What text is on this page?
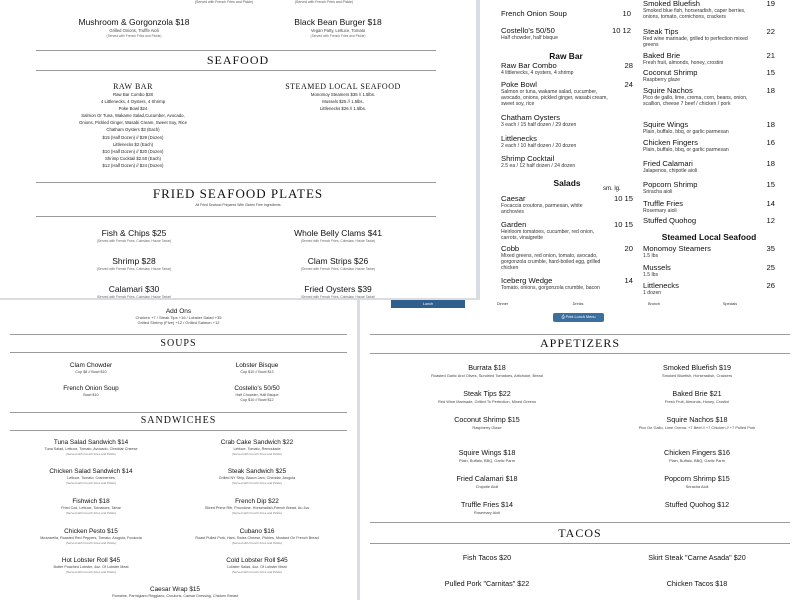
(Served with French Fries and Pickle)	(Served with French Fries and Pickle)
Mushroom & Gorgonzola $18
Grilled Onions, Truffle Aioli
(Served with French Fries and Pickle)
Black Bean Burger $18
Vegan Patty, Lettuce, Tomato
(Served with French Fries and Pickle)
SEAFOOD
RAW BAR
Raw Bar Combo $28
4 Littlenecks, 4 Oysters, 4 Shrimp
Poke Bowl $24
Salmon Or Tuna, Wakame Salad,Cucumber, Avocado,
Onions, Pickled Ginger, Wasabi Cream, Sweet Soy, Rice
Chatham Oysters $3 (Each)
$15 (Half Dozen) // $29 (Dozen)
Littlenecks $2 (Each)
$10 (Half Dozen) // $20 (Dozen)
Shrimp Cocktail $2.50 (Each)
$12 (Half Dozen) // $24 (Dozen)
STEAMED LOCAL SEAFOOD
Monomoy Steamers $35 // 1.5lbs.
Mussels $25 // 1.5lbs.
Littlenecks $26 // 1.5lbs.
FRIED SEAFOOD PLATES
All Fried Seafood Prepared With Gluten Free Ingredients
Fish & Chips $25
(Served with French Fries, Coleslaw, House Tartar)
Whole Belly Clams $41
(Served with French Fries, Coleslaw, House Tartar)
Shrimp $28
(Served with French Fries, Coleslaw, House Tartar)
Clam Strips $26
(Served with French Fries, Coleslaw, House Tartar)
Calamari $30
(Served with French Fries, Coleslaw, House Tartar)
Fried Oysters $39
(Served with French Fries, Coleslaw, House Tartar)
French Onion Soup	10
Costello's 50/50	10 12
Half chowder, half bisque
Raw Bar
Raw Bar Combo	28
4 littlenecks, 4 oysters, 4 shrimp
Poke Bowl	24
Salmon or tuna, wakame salad, cucumber, avocado, onions, pickled ginger, wasabi cream, sweet soy, rice
Chatham Oysters
3 each / 15 half dozen / 29 dozen
Littlenecks
2 each / 10 half dozen / 20 dozen
Shrimp Cocktail
2.5 ea / 12 half dozen / 24 dozen
Salads
sm. lg.
Caesar	10 15
Focaccia croutons, parmesan, white anchovies
Garden	10 15
Heirloom tomatoes, cucumber, red onion, carrots, vinaigrette
Cobb	20
Mixed greens, red onion, tomato, avocado, gorgonzola crumble, hard-boiled egg, grilled chicken
Iceberg Wedge	14
Tomato, onions, gorgonzola crumble, bacon
Smoked Bluefish	19
Smoked blue fish, horseradish, caper berries, onions, tomato, cornichons, crackers
Steak Tips	22
Red wine marinade, grilled to perfection mixed greens
Baked Brie	21
Fresh fruit, almonds, honey, crostini
Coconut Shrimp	15
Raspberry glaze
Squire Nachos	18
Pico de gallo, lime, crema, corn, beans, onion, scallion, cheese 7 beef / chicken / pork
Squire Wings	18
Plain, buffalo, bbq, or garlic parmesan
Chicken Fingers	16
Plain, buffalo, bbq, or garlic parmesan
Fried Calamari	18
Jalapenos, chipotle aioli
Popcorn Shrimp	15
Sriracha aioli
Truffle Fries	14
Rosemary aioli
Stuffed Quohog	12
Steamed Local Seafood
Monomoy Steamers	35
1.5 lbs
Mussels	25
1.5 lbs
Littlenecks	26
1 dozen
Add Ons
Chicken +7 / Steak Tips +16 / Lobster Salad +35
Grilled Shrimp (Five) +12 / Grilled Salmon +12
SOUPS
Clam Chowder
Cup $8 // Bowl $10
Lobster Bisque
Cup $10 // Bowl $13
French Onion Soup
Bowl $10
Costello's 50/50
Half Chowder, Half Bisque
Cup $10 // Bowl $12
SANDWICHES
Tuna Salad Sandwich $14
Tuna Salad, Lettuce, Tomato, Avocado, Cheddar Cheese
(Served with French Fries and Pickle)
Crab Cake Sandwich $22
Lettuce, Tomato, Remoulade
(Served with French Fries and Pickle)
Chicken Salad Sandwich $14
Lettuce, Tomato, Cranberries
(Served with French Fries and Pickle)
Steak Sandwich $25
Grilled NY Strip, Bacon Jam, Cheddar, Arugula
(Served with French Fries and Pickle)
Fishwich $18
Fried Cod, Lettuce, Tomatoes, Tartar
(Served with French Fries and Pickle)
French Dip $22
Sliced Prime Rib, Provolone, Horseradish,French Bread, Au Jus
(Served with French Fries and Pickle)
Chicken Pesto $15
Mozzarella, Roasted Red Peppers, Tomato, Arugula, Focaccia
(Served with French Fries and Pickle)
Cubano $16
Roast Pulled Pork, Ham, Swiss Cheese, Pickles, Mustard On French Bread
(Served with French Fries and Pickle)
Hot Lobster Roll $45
Butter Poached Lobster, 4oz. Of Lobster Meat
(Served with French Fries and Pickle)
Cold Lobster Roll $45
Lobster Salad, 4oz. Of Lobster Meat
(Served with French Fries and Pickle)
Caesar Wrap $15
Romaine, Parmigiano Reggiano, Croutons, Caesar Dressing, Chicken Breast
Lunch	Dinner	Drinks	Brunch	Specials
⎙ Print Lunch Menu
APPETIZERS
Burrata $18
Roasted Garlic And Olives, Sundried Tomatoes, Artichoke, Bread
Smoked Bluefish $19
Smoked Bluefish, Horseradish, Crackers
Steak Tips $22
Red Wine Marinade, Grilled To Perfection, Mixed Greens
Baked Brie $21
Fresh Fruit, Almonds, Honey, Crostini
Coconut Shrimp $15
Raspberry Glaze
Squire Nachos $18
Pico De Gallo, Lime Crema, +7 Beef // +7 Chicken // +7 Pulled Pork
Squire Wings $18
Plain, Buffalo, BBQ, Garlic Parm
Chicken Fingers $16
Plain, Buffalo, BBQ, Garlic Parm
Fried Calamari $18
Chipotle Aioli
Popcorn Shrimp $15
Sriracha Aioli
Truffle Fries $14
Rosemary Aioli
Stuffed Quohog $12
TACOS
Fish Tacos $20	Skirt Steak "Carne Asada" $20
Pulled Pork "Carnitas" $22	Chicken Tacos $18
